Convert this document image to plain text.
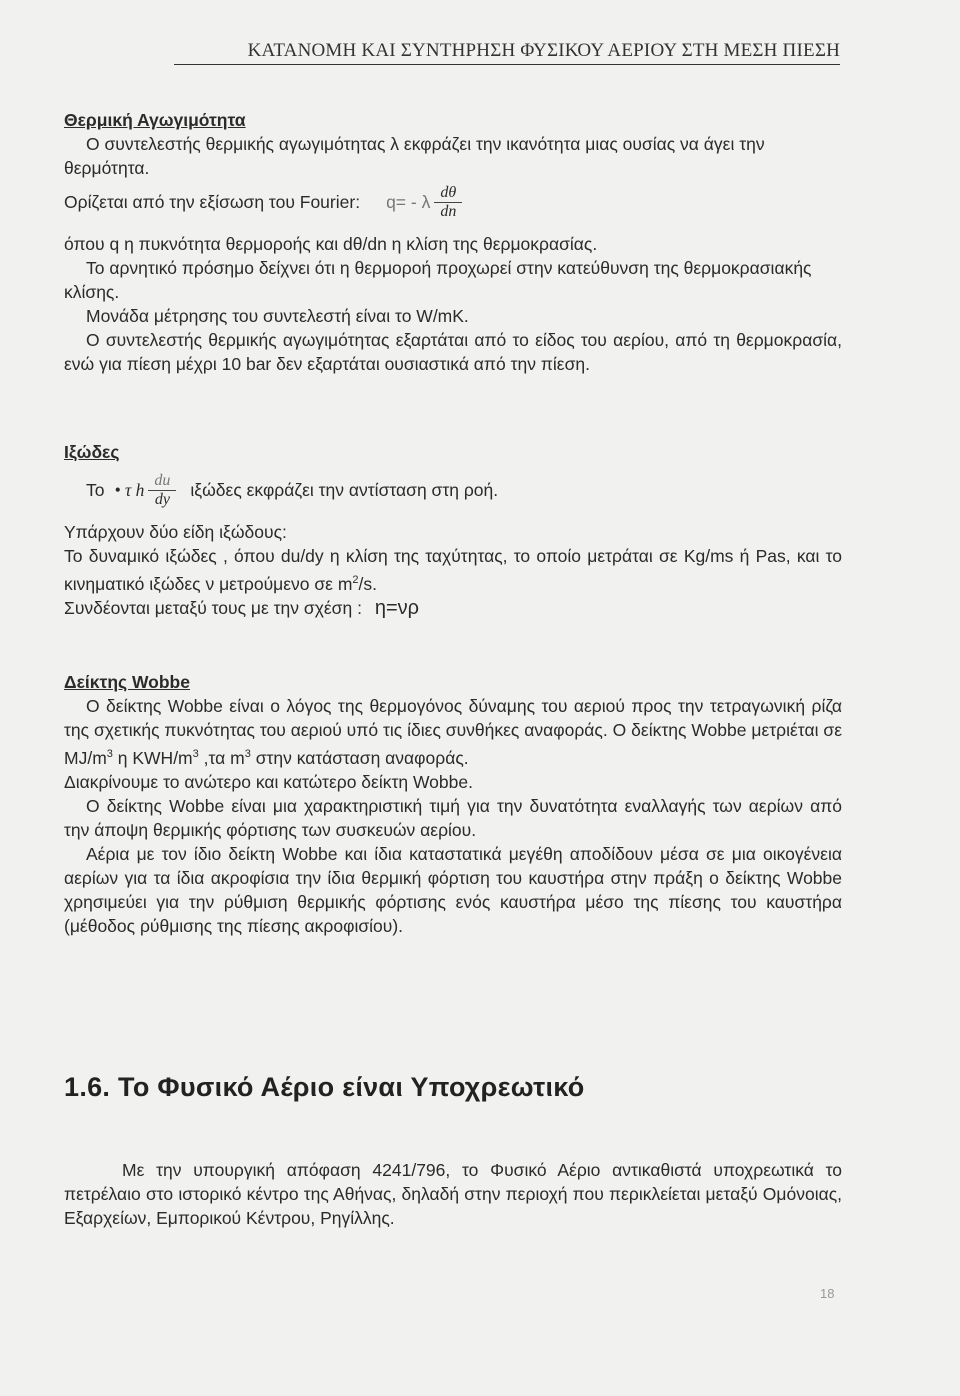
ΚΑΤΑΝΟΜΗ ΚΑΙ ΣΥΝΤΗΡΗΣΗ ΦΥΣΙΚΟΥ ΑΕΡΙΟΥ ΣΤΗ ΜΕΣΗ ΠΙΕΣΗ

Θερμική Αγωγιμότητα

Ο συντελεστής θερμικής αγωγιμότητας λ εκφράζει την ικανότητα μιας ουσίας να άγει την θερμότητα.

Ορίζεται από την εξίσωση του Fourier: q= - λ $\frac{d\theta}{dn}$

όπου q η πυκνότητα θερμοροής και dθ/dn η κλίση της θερμοκρασίας.

Το αρνητικό πρόσημο δείχνει ότι η θερμοροή προχωρεί στην κατεύθυνση της θερμοκρασιακής κλίσης.

Μονάδα μέτρησης του συντελεστή είναι το W/mK.

Ο συντελεστής θερμικής αγωγιμότητας εξαρτάται από το είδος του αερίου, από τη θερμοκρασία, ενώ για πίεση μέχρι 10 bar δεν εξαρτάται ουσιαστικά από την πίεση.

Ιξώδες

Το • τ h $\frac{du}{dy}$ ιξώδες εκφράζει την αντίσταση στη ροή.

Υπάρχουν δύο είδη ιξώδους:

Το δυναμικό ιξώδες , όπου du/dy η κλίση της ταχύτητας, το οποίο μετράται σε Kg/ms ή Pas, και το κινηματικό ιξώδες ν μετρούμενο σε $m^2/s$.

Συνδέονται μεταξύ τους με την σχέση : η=νρ

Δείκτης Wobbe

Ο δείκτης Wobbe είναι ο λόγος της θερμογόνος δύναμης του αεριού προς την τετραγωνική ρίζα της σχετικής πυκνότητας του αεριού υπό τις ίδιες συνθήκες αναφοράς. Ο δείκτης Wobbe μετριέται σε $MJ/m^3$ η KWH/$m^3$ ,τα $m^3$ στην κατάσταση αναφοράς.

Διακρίνουμε το ανώτερο και κατώτερο δείκτη Wobbe.

Ο δείκτης Wobbe είναι μια χαρακτηριστική τιμή για την δυνατότητα εναλλαγής των αερίων από την άποψη θερμικής φόρτισης των συσκευών αερίου.

Αέρια με τον ίδιο δείκτη Wobbe και ίδια καταστατικά μεγέθη αποδίδουν μέσα σε μια οικογένεια αερίων για τα ίδια ακροφίσια την ίδια θερμική φόρτιση του καυστήρα στην πράξη ο δείκτης Wobbe χρησιμεύει για την ρύθμιση θερμικής φόρτισης ενός καυστήρα μέσο της πίεσης του καυστήρα (μέθοδος ρύθμισης της πίεσης ακροφισίου).

1.6. Το Φυσικό Αέριο είναι Υποχρεωτικό

Με την υπουργική απόφαση 4241/796, το Φυσικό Αέριο αντικαθιστά υποχρεωτικά το πετρέλαιο στο ιστορικό κέντρο της Αθήνας, δηλαδή στην περιοχή που περικλείεται μεταξύ Ομόνοιας, Εξαρχείων, Εμπορικού Κέντρου, Ρηγίλλης.

18
